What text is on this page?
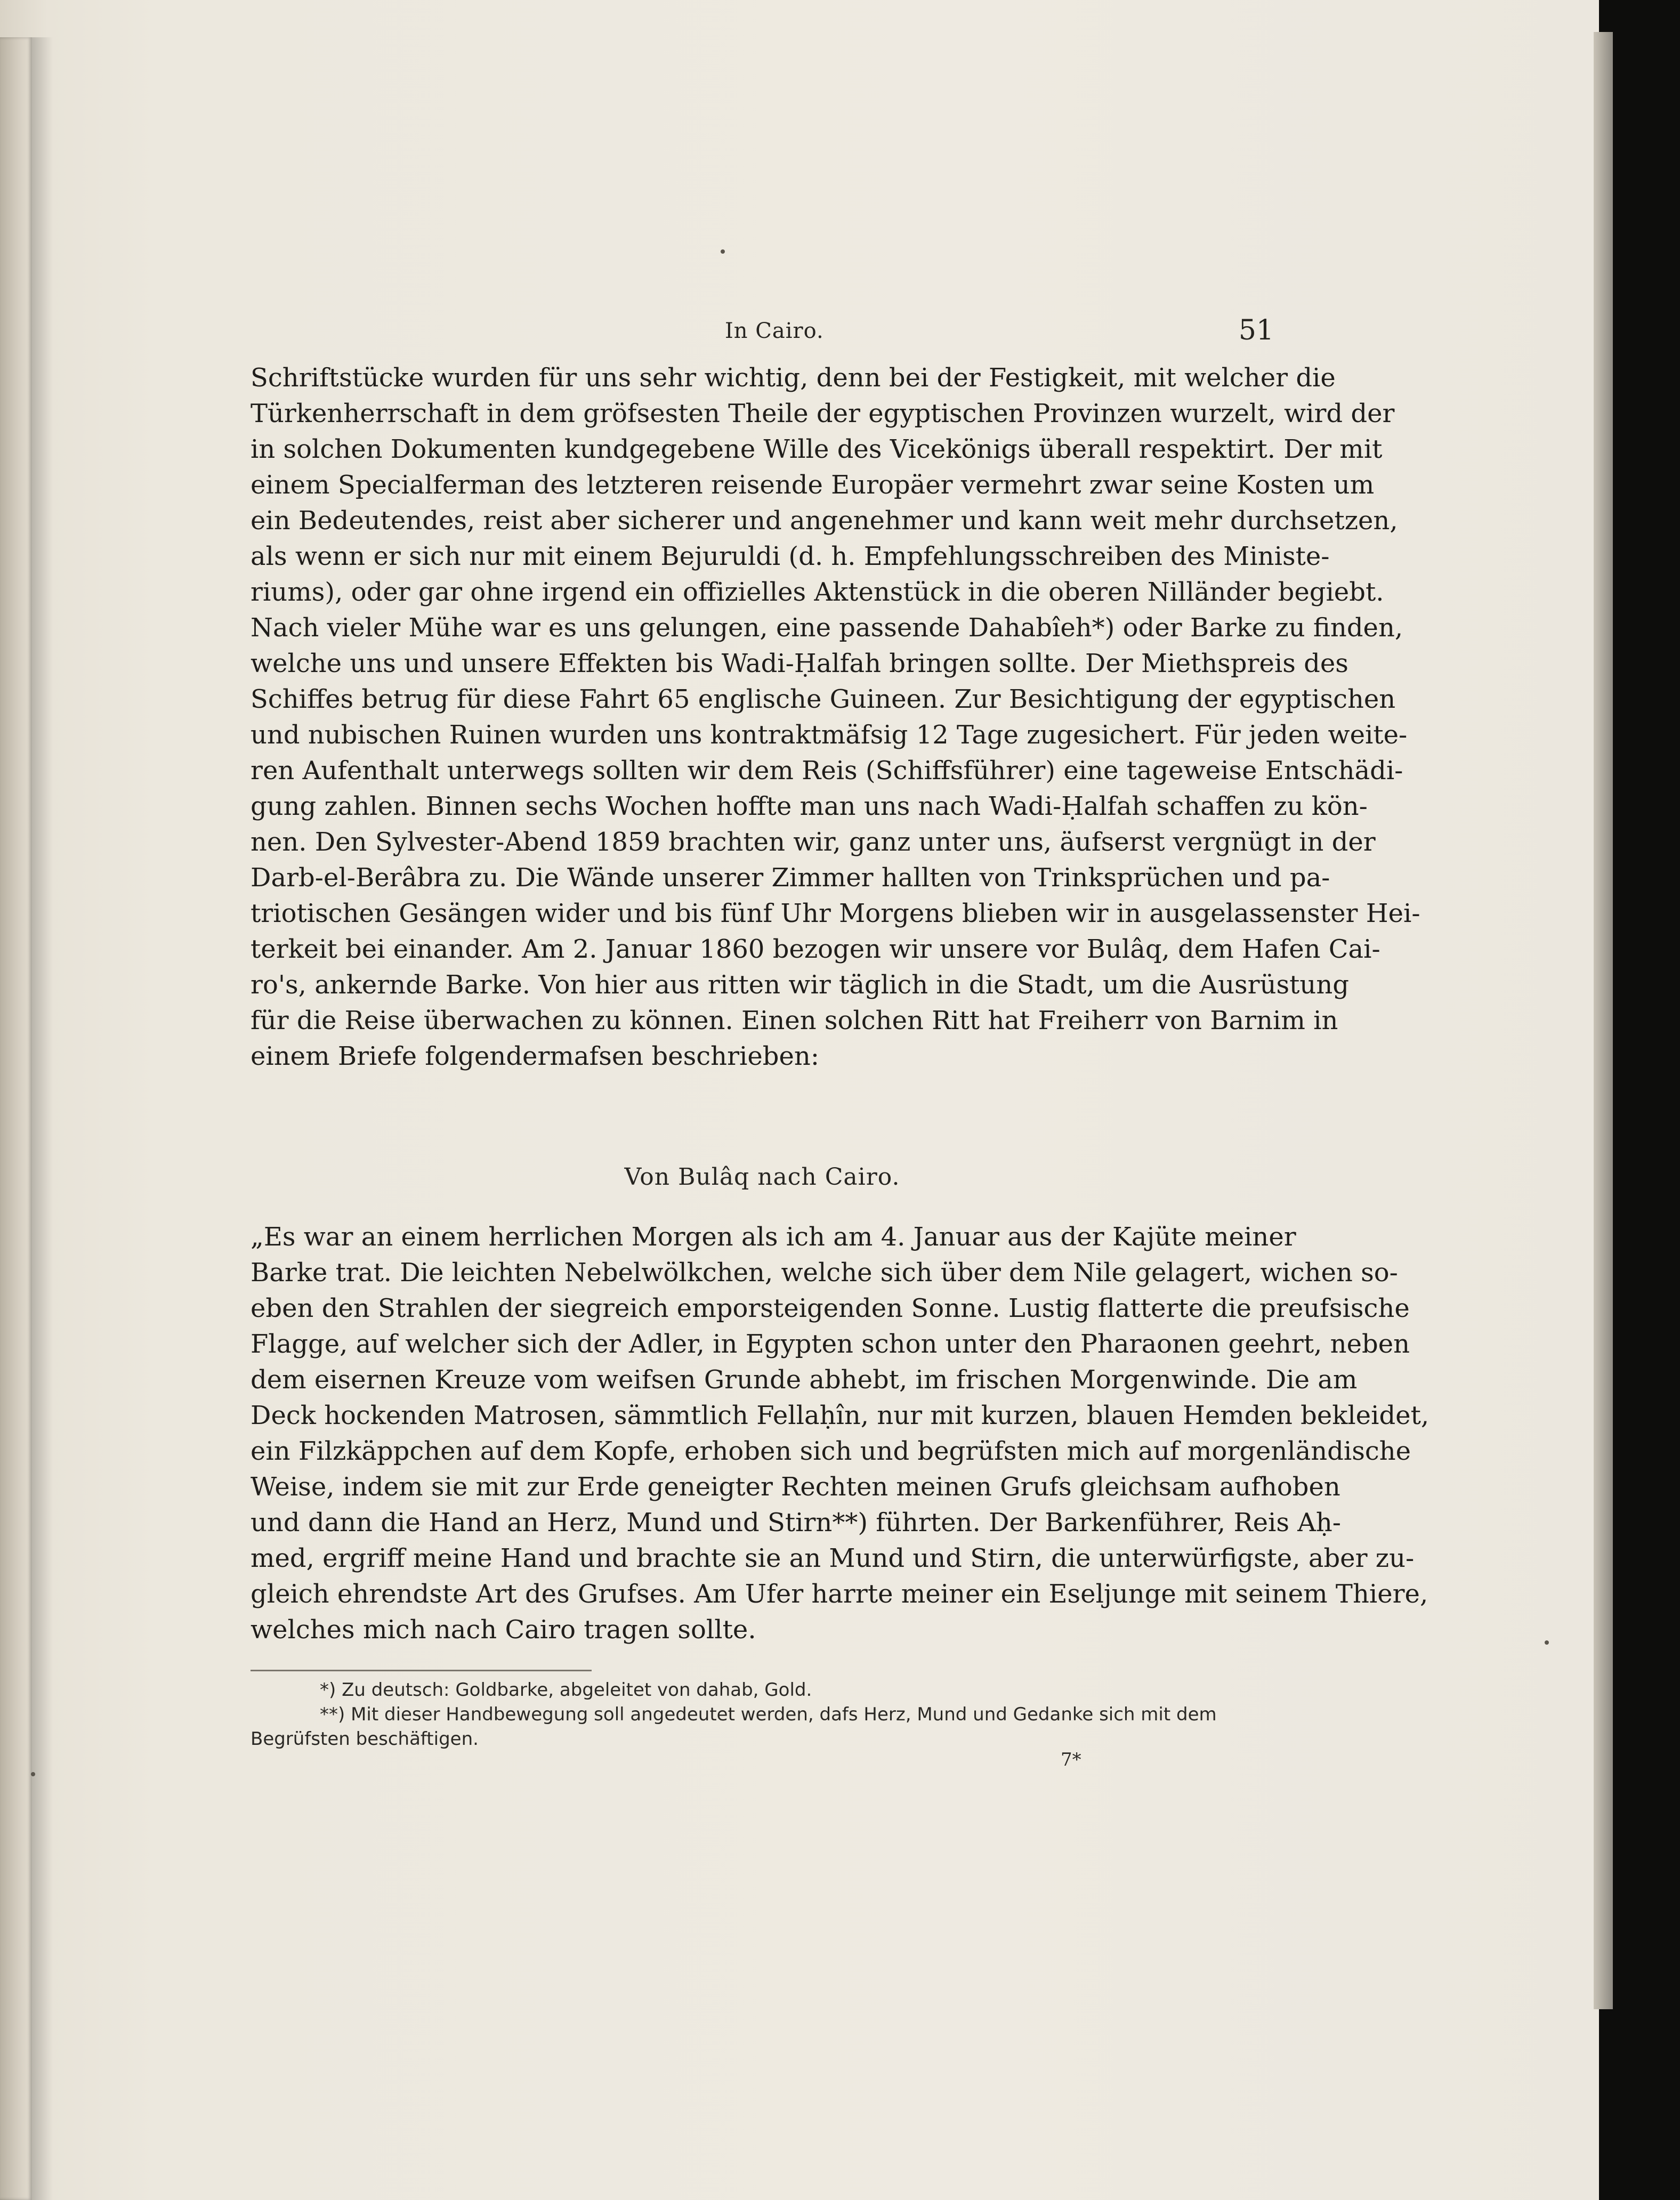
In Cairo.	51
Schriftstücke wurden für uns sehr wichtig, denn bei der Festigkeit, mit welcher die
Türkenherrschaft in dem gröfsesten Theile der egyptischen Provinzen wurzelt, wird der
in solchen Dokumenten kundgegebene Wille des Vicekönigs überall respektirt. Der mit
einem Specialferman des letzteren reisende Europäer vermehrt zwar seine Kosten um
ein Bedeutendes, reist aber sicherer und angenehmer und kann weit mehr durchsetzen,
als wenn er sich nur mit einem Bejuruldi (d. h. Empfehlungsschreiben des Ministe-
riums), oder gar ohne irgend ein offizielles Aktenstück in die oberen Nilländer begiebt.
Nach vieler Mühe war es uns gelungen, eine passende Dahabîeh*) oder Barke zu finden,
welche uns und unsere Effekten bis Wadi-Ḥalfah bringen sollte. Der Miethspreis des
Schiffes betrug für diese Fahrt 65 englische Guineen. Zur Besichtigung der egyptischen
und nubischen Ruinen wurden uns kontraktmäfsig 12 Tage zugesichert. Für jeden weite-
ren Aufenthalt unterwegs sollten wir dem Reis (Schiffsführer) eine tageweise Entschädi-
gung zahlen. Binnen sechs Wochen hoffte man uns nach Wadi-Ḥalfah schaffen zu kön-
nen. Den Sylvester-Abend 1859 brachten wir, ganz unter uns, äufserst vergnügt in der
Darb-el-Berâbra zu. Die Wände unserer Zimmer hallten von Trinksprüchen und pa-
triotischen Gesängen wider und bis fünf Uhr Morgens blieben wir in ausgelassenster Hei-
terkeit bei einander. Am 2. Januar 1860 bezogen wir unsere vor Bulâq, dem Hafen Cai-
ro's, ankernde Barke. Von hier aus ritten wir täglich in die Stadt, um die Ausrüstung
für die Reise überwachen zu können. Einen solchen Ritt hat Freiherr von Barnim in
einem Briefe folgendermafsen beschrieben:
Von Bulâq nach Cairo.
„Es war an einem herrlichen Morgen als ich am 4. Januar aus der Kajüte meiner
Barke trat. Die leichten Nebelwölkchen, welche sich über dem Nile gelagert, wichen so-
eben den Strahlen der siegreich emporsteigenden Sonne. Lustig flatterte die preufsische
Flagge, auf welcher sich der Adler, in Egypten schon unter den Pharaonen geehrt, neben
dem eisernen Kreuze vom weifsen Grunde abhebt, im frischen Morgenwinde. Die am
Deck hockenden Matrosen, sämmtlich Fellaḥîn, nur mit kurzen, blauen Hemden bekleidet,
ein Filzkäppchen auf dem Kopfe, erhoben sich und begrüfsten mich auf morgenländische
Weise, indem sie mit zur Erde geneigter Rechten meinen Grufs gleichsam aufhoben
und dann die Hand an Herz, Mund und Stirn**) führten. Der Barkenführer, Reis Aḥ-
med, ergriff meine Hand und brachte sie an Mund und Stirn, die unterwürfigste, aber zu-
gleich ehrendste Art des Grufses. Am Ufer harrte meiner ein Eseljunge mit seinem Thiere,
welches mich nach Cairo tragen sollte.
*) Zu deutsch: Goldbarke, abgeleitet von dahab, Gold.
**) Mit dieser Handbewegung soll angedeutet werden, dafs Herz, Mund und Gedanke sich mit dem
Begrüfsten beschäftigen.
7*
